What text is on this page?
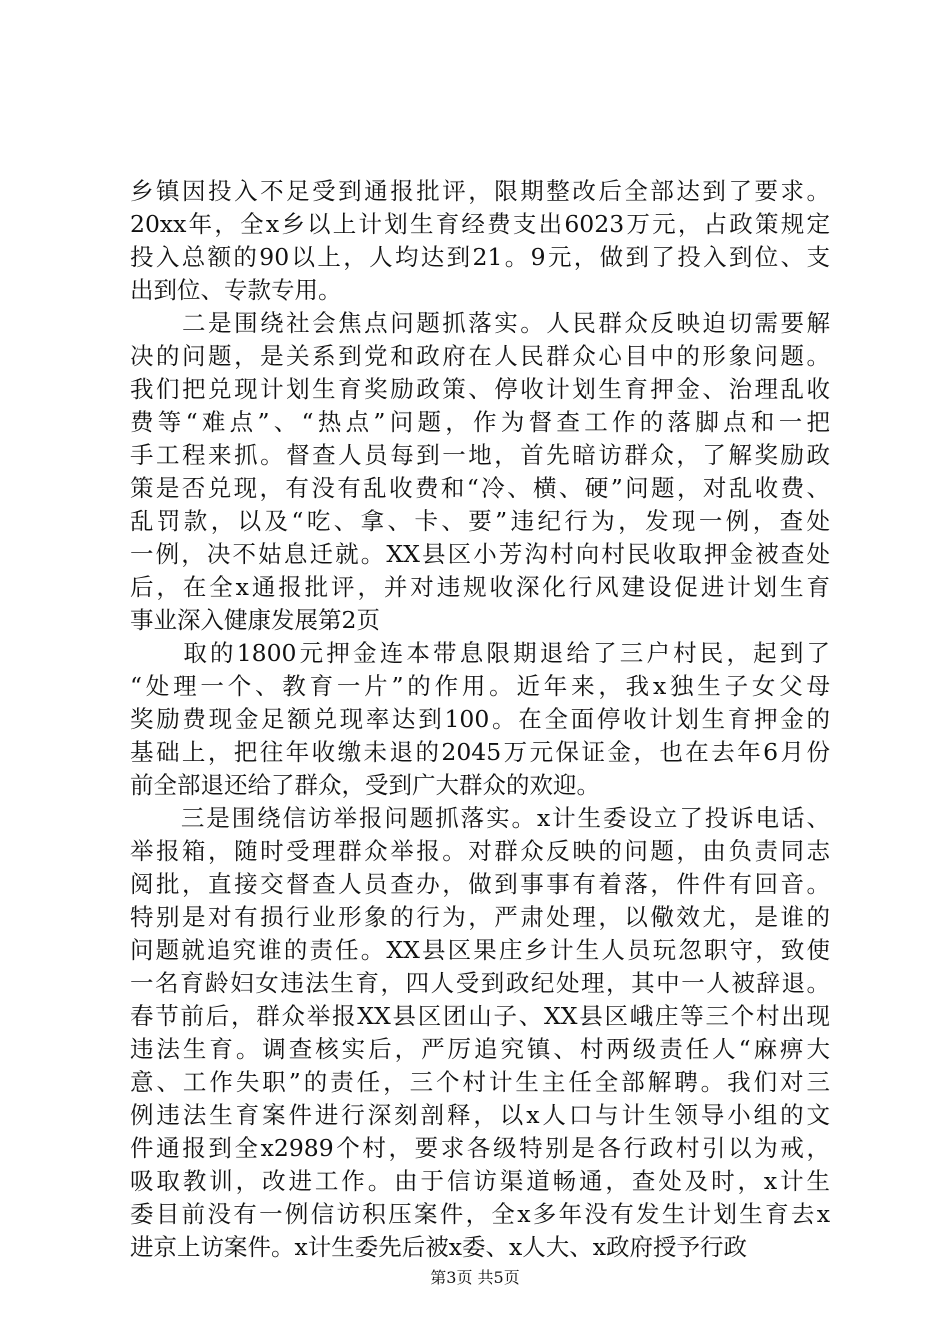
乡镇因投入不足受到通报批评，限期整改后全部达到了要求。
20xx年，全x乡以上计划生育经费支出6023万元，占政策规定
投入总额的90以上，人均达到21。9元，做到了投入到位、支
出到位、专款专用。
　　二是围绕社会焦点问题抓落实。人民群众反映迫切需要解
决的问题，是关系到党和政府在人民群众心目中的形象问题。
我们把兑现计划生育奖励政策、停收计划生育押金、治理乱收
费等“难点”、“热点”问题，作为督查工作的落脚点和一把
手工程来抓。督查人员每到一地，首先暗访群众，了解奖励政
策是否兑现，有没有乱收费和“冷、横、硬”问题，对乱收费、
乱罚款，以及“吃、拿、卡、要”违纪行为，发现一例，查处
一例，决不姑息迁就。XX县区小芳沟村向村民收取押金被查处
后，在全x通报批评，并对违规收深化行风建设促进计划生育
事业深入健康发展第2页
　　取的1800元押金连本带息限期退给了三户村民，起到了
“处理一个、教育一片”的作用。近年来，我x独生子女父母
奖励费现金足额兑现率达到100。在全面停收计划生育押金的
基础上，把往年收缴未退的2045万元保证金，也在去年6月份
前全部退还给了群众，受到广大群众的欢迎。
　　三是围绕信访举报问题抓落实。x计生委设立了投诉电话、
举报箱，随时受理群众举报。对群众反映的问题，由负责同志
阅批，直接交督查人员查办，做到事事有着落，件件有回音。
特别是对有损行业形象的行为，严肃处理，以儆效尤，是谁的
问题就追究谁的责任。XX县区果庄乡计生人员玩忽职守，致使
一名育龄妇女违法生育，四人受到政纪处理，其中一人被辞退。
春节前后，群众举报XX县区团山子、XX县区峨庄等三个村出现
违法生育。调查核实后，严厉追究镇、村两级责任人“麻痹大
意、工作失职”的责任，三个村计生主任全部解聘。我们对三
例违法生育案件进行深刻剖释，以x人口与计生领导小组的文
件通报到全x2989个村，要求各级特别是各行政村引以为戒，
吸取教训，改进工作。由于信访渠道畅通，查处及时，x计生
委目前没有一例信访积压案件，全x多年没有发生计划生育去x
进京上访案件。x计生委先后被x委、x人大、x政府授予行政
第3页 共5页
